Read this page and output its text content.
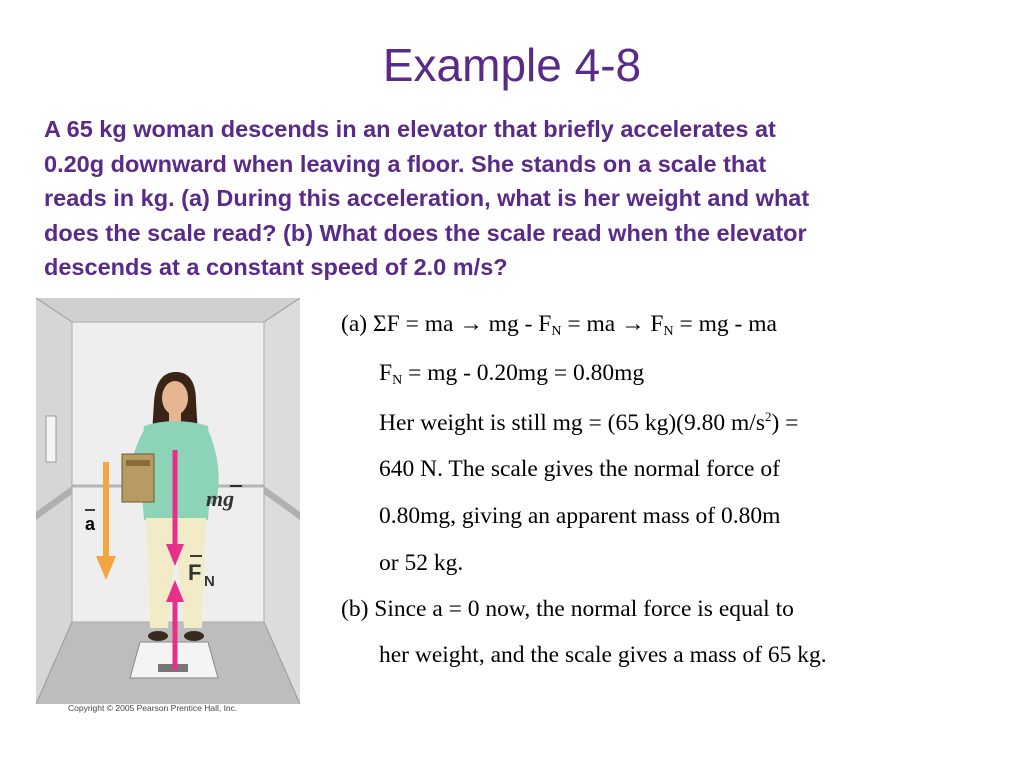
Example 4-8
A 65 kg woman descends in an elevator that briefly accelerates at
0.20g downward when leaving a floor. She stands on a scale that
reads in kg. (a) During this acceleration, what is her weight and what
does the scale read? (b) What does the scale read when the elevator
descends at a constant speed of 2.0 m/s?
a
mg
F N
Copyright © 2005 Pearson Prentice Hall, Inc.
(a) ΣF = ma → mg - $F_N$ = ma → $F_N$ = mg - ma
$F_N$ = mg - 0.20mg = 0.80mg
Her weight is still mg = (65 kg)(9.80 $m/s^2$) =
640 N. The scale gives the normal force of
0.80mg, giving an apparent mass of 0.80m
or 52 kg.
(b) Since a = 0 now, the normal force is equal to
her weight, and the scale gives a mass of 65 kg.
